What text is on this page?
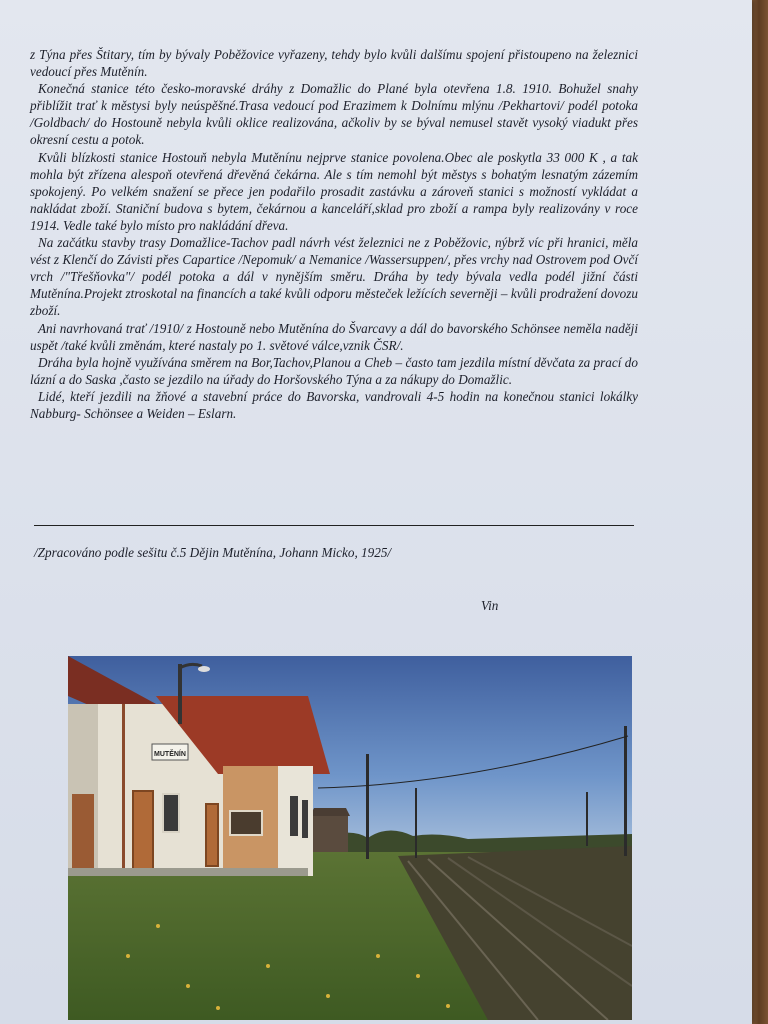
z Týna přes Štitary, tím by bývaly Poběžovice vyřazeny, tehdy bylo kvůli dalšímu spojení přistoupeno na železnici vedoucí přes Mutěnín.

Konečná stanice této česko-moravské dráhy z Domažlic do Plané byla otevřena 1.8. 1910. Bohužel snahy přiblížit trať k městysi byly neúspěšné.Trasa vedoucí pod Erazimem k Dolnímu mlýnu /Pekhartovi/ podél potoka /Goldbach/ do Hostouně nebyla kvůli oklice realizována, ačkoliv by se býval nemusel stavět vysoký viadukt přes okresní cestu a potok.

Kvůli blízkosti stanice Hostouň nebyla Mutěnínu nejprve stanice povolena.Obec ale poskytla 33 000 K , a tak mohla být zřízena alespoň otevřená dřevěná čekárna. Ale s tím nemohl být městys s bohatým lesnatým zázemím spokojený. Po velkém snažení se přece jen podařilo prosadit zastávku a zároveň stanici s možností vykládat a nakládat zboží. Staniční budova s bytem, čekárnou a kanceláří,sklad pro zboží a rampa byly realizovány v roce 1914. Vedle také bylo místo pro nakládání dřeva.

Na začátku stavby trasy Domažlice-Tachov padl návrh vést železnici ne z Poběžovic, nýbrž víc při hranici, měla vést z Klenčí do Závisti přes Capartice /Nepomuk/ a Nemanice /Wassersuppen/, přes vrchy nad Ostrovem pod Ovčí vrch /"Třešňovka"/ podél potoka a dál v nynějším směru. Dráha by tedy bývala vedla podél jižní části Mutěnína.Projekt ztroskotal na financích a také kvůli odporu městeček ležících severněji – kvůli prodražení dovozu zboží.

Ani navrhovaná trať /1910/ z Hostouně nebo Mutěnína do Švarcavy a dál do bavorského Schönsee neměla naději uspět /také kvůli změnám, které nastaly po 1. světové válce,vznik ČSR/.

Dráha byla hojně využívána směrem na Bor,Tachov,Planou a Cheb – často tam jezdila místní děvčata za prací do lázní a do Saska ,často se jezdilo na úřady do Horšovského Týna a za nákupy do Domažlic.

Lidé, kteří jezdili na žňové a stavební práce do Bavorska, vandrovali 4-5 hodin na konečnou stanici lokálky Nabburg- Schönsee a Weiden – Eslarn.

/Zpracováno podle sešitu č.5 Dějin Mutěnína, Johann Micko, 1925/
Vin
MUTĚNÍN
